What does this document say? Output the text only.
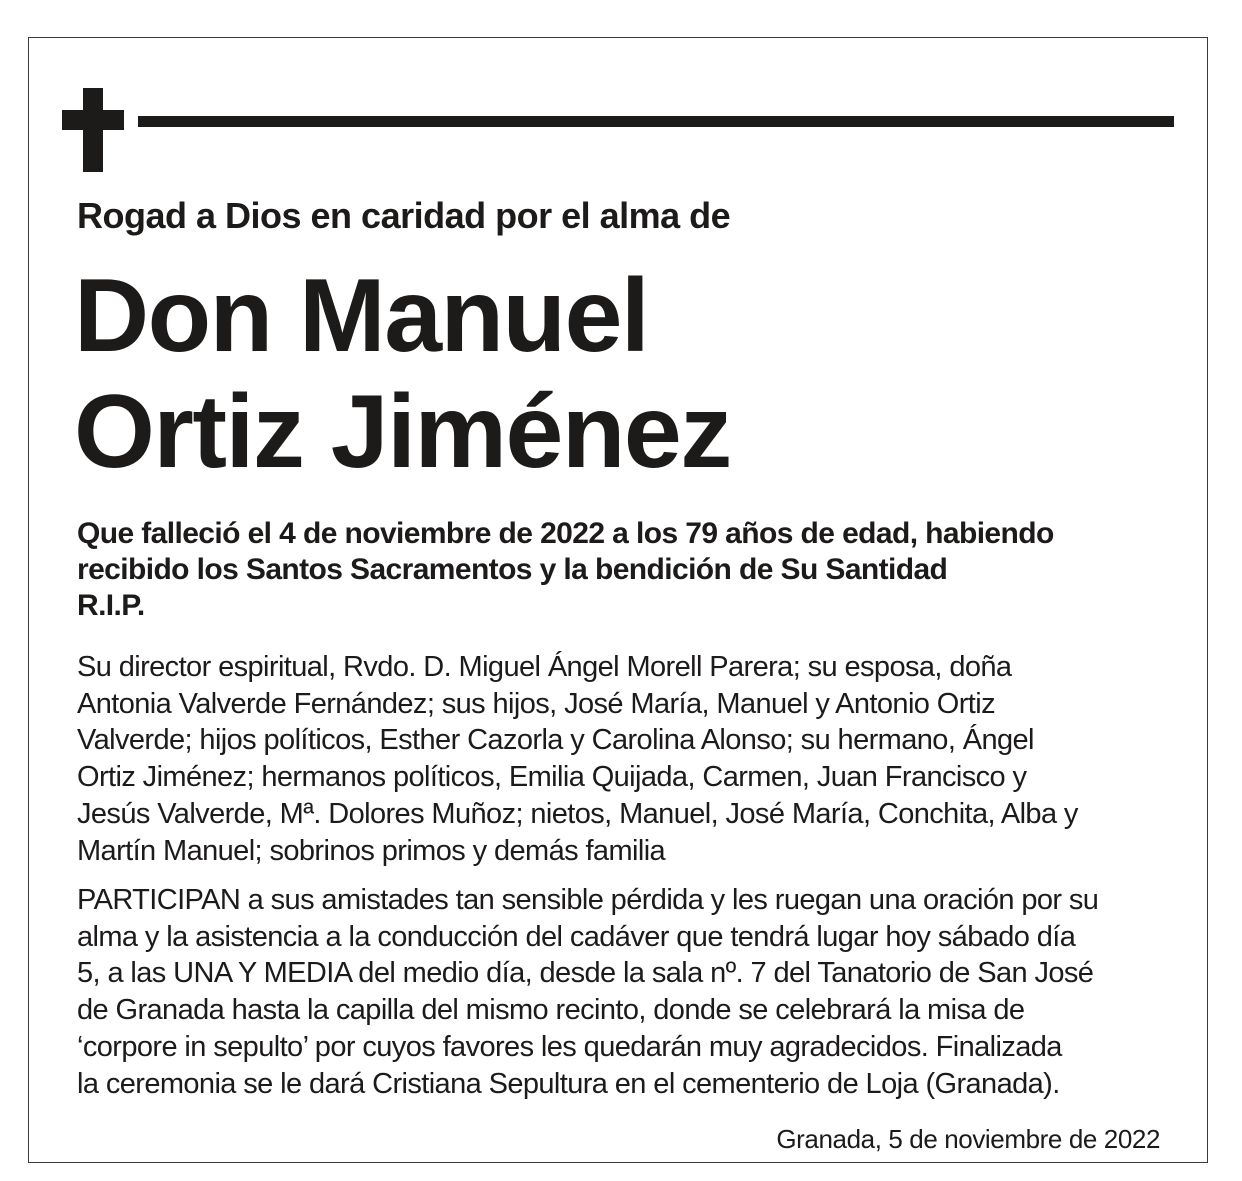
Rogad a Dios en caridad por el alma de
Don Manuel
Ortiz Jiménez
Que falleció el 4 de noviembre de 2022 a los 79 años de edad, habiendo
recibido los Santos Sacramentos y la bendición de Su Santidad
R.I.P.
Su director espiritual, Rvdo. D. Miguel Ángel Morell Parera; su esposa, doña
Antonia Valverde Fernández; sus hijos, José María, Manuel y Antonio Ortiz
Valverde; hijos políticos, Esther Cazorla y Carolina Alonso; su hermano, Ángel
Ortiz Jiménez; hermanos políticos, Emilia Quijada, Carmen, Juan Francisco y
Jesús Valverde, Mª. Dolores Muñoz; nietos, Manuel, José María, Conchita, Alba y
Martín Manuel; sobrinos primos y demás familia
PARTICIPAN a sus amistades tan sensible pérdida y les ruegan una oración por su
alma y la asistencia a la conducción del cadáver que tendrá lugar hoy sábado día
5, a las UNA Y MEDIA del medio día, desde la sala nº. 7 del Tanatorio de San José
de Granada hasta la capilla del mismo recinto, donde se celebrará la misa de
‘corpore in sepulto’ por cuyos favores les quedarán muy agradecidos. Finalizada
la ceremonia se le dará Cristiana Sepultura en el cementerio de Loja (Granada).
Granada, 5 de noviembre de 2022
